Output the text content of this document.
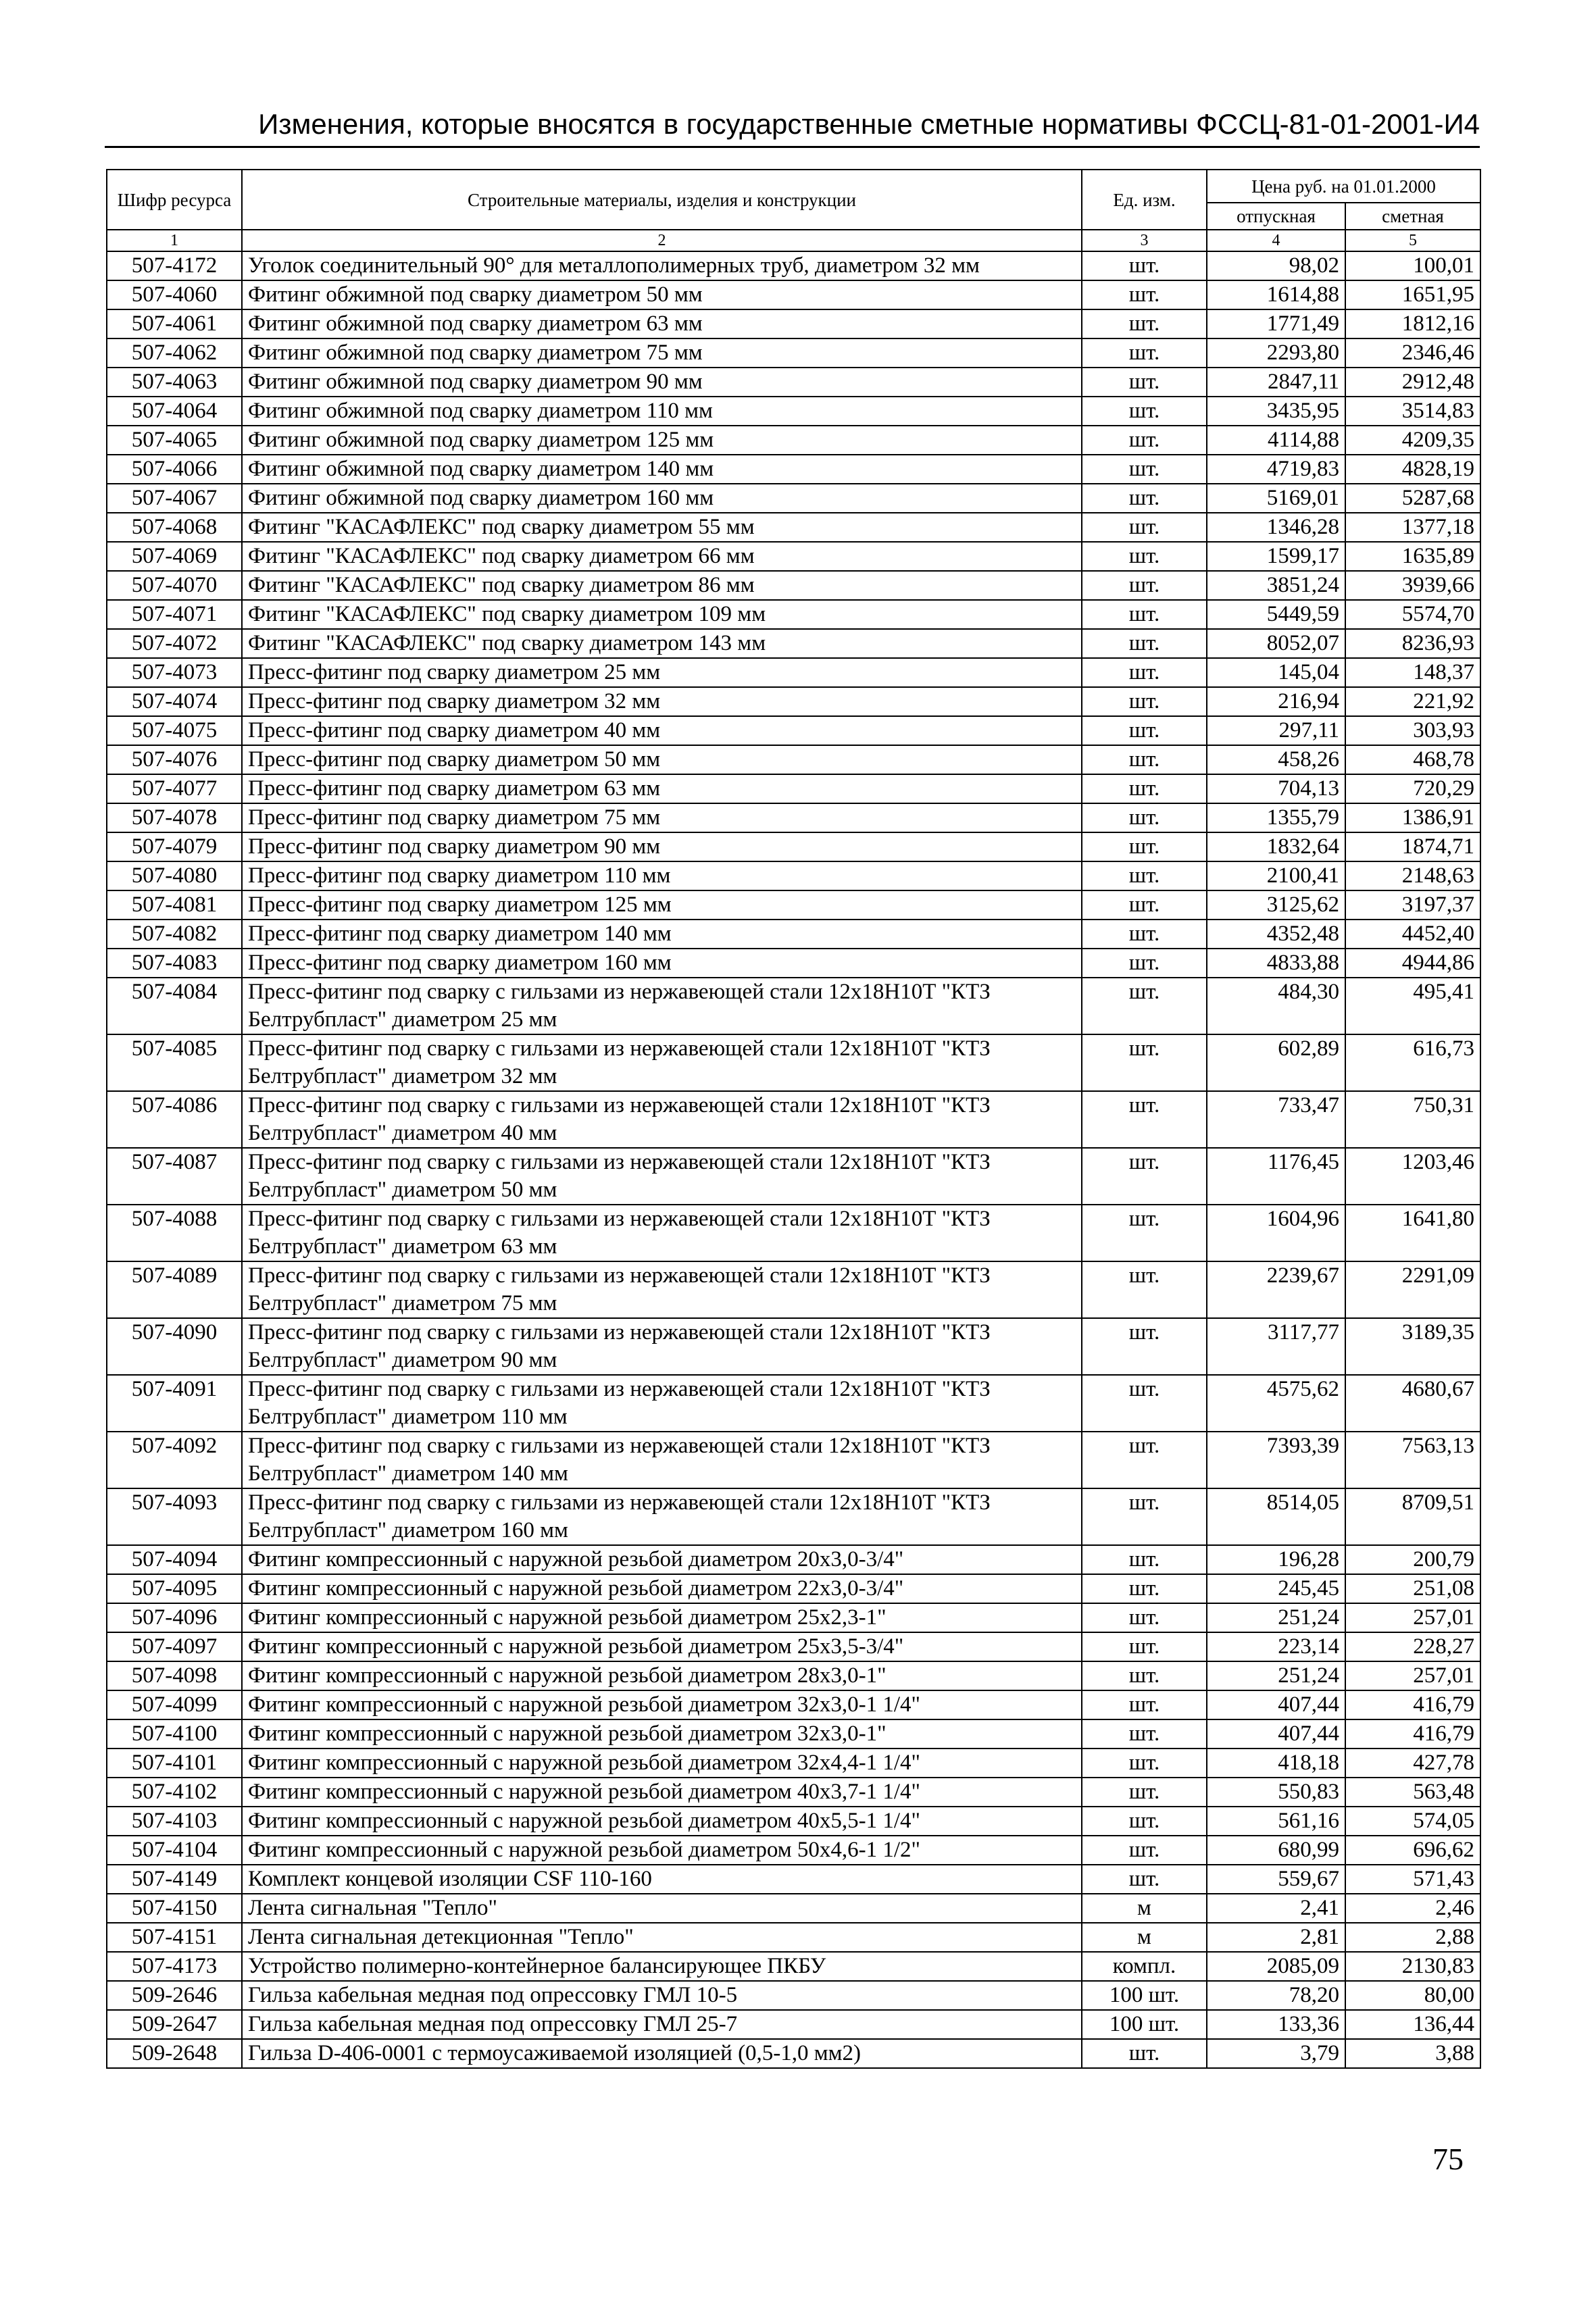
Изменения, которые вносятся в государственные сметные нормативы ФССЦ-81-01-2001-И4
Шифр ресурса	Строительные материалы, изделия и конструкции	Ед. изм.	Цена руб. на 01.01.2000	
			отпускная	сметная
1	2	3	4	5
507-4172	Уголок соединительный 90° для металлополимерных труб, диаметром 32 мм	шт.	98,02	100,01
507-4060	Фитинг обжимной под сварку диаметром 50 мм	шт.	1614,88	1651,95
507-4061	Фитинг обжимной под сварку диаметром 63 мм	шт.	1771,49	1812,16
507-4062	Фитинг обжимной под сварку диаметром 75 мм	шт.	2293,80	2346,46
507-4063	Фитинг обжимной под сварку диаметром 90 мм	шт.	2847,11	2912,48
507-4064	Фитинг обжимной под сварку диаметром 110 мм	шт.	3435,95	3514,83
507-4065	Фитинг обжимной под сварку диаметром 125 мм	шт.	4114,88	4209,35
507-4066	Фитинг обжимной под сварку диаметром 140 мм	шт.	4719,83	4828,19
507-4067	Фитинг обжимной под сварку диаметром 160 мм	шт.	5169,01	5287,68
507-4068	Фитинг "КАСАФЛЕКС" под сварку диаметром 55 мм	шт.	1346,28	1377,18
507-4069	Фитинг "КАСАФЛЕКС" под сварку диаметром 66 мм	шт.	1599,17	1635,89
507-4070	Фитинг "КАСАФЛЕКС" под сварку диаметром 86 мм	шт.	3851,24	3939,66
507-4071	Фитинг "КАСАФЛЕКС" под сварку диаметром 109 мм	шт.	5449,59	5574,70
507-4072	Фитинг "КАСАФЛЕКС" под сварку диаметром 143 мм	шт.	8052,07	8236,93
507-4073	Пресс-фитинг под сварку диаметром 25 мм	шт.	145,04	148,37
507-4074	Пресс-фитинг под сварку диаметром 32 мм	шт.	216,94	221,92
507-4075	Пресс-фитинг под сварку диаметром 40 мм	шт.	297,11	303,93
507-4076	Пресс-фитинг под сварку диаметром 50 мм	шт.	458,26	468,78
507-4077	Пресс-фитинг под сварку диаметром 63 мм	шт.	704,13	720,29
507-4078	Пресс-фитинг под сварку диаметром 75 мм	шт.	1355,79	1386,91
507-4079	Пресс-фитинг под сварку диаметром 90 мм	шт.	1832,64	1874,71
507-4080	Пресс-фитинг под сварку диаметром 110 мм	шт.	2100,41	2148,63
507-4081	Пресс-фитинг под сварку диаметром 125 мм	шт.	3125,62	3197,37
507-4082	Пресс-фитинг под сварку диаметром 140 мм	шт.	4352,48	4452,40
507-4083	Пресс-фитинг под сварку диаметром 160 мм	шт.	4833,88	4944,86
507-4084	Пресс-фитинг под сварку с гильзами из нержавеющей стали 12х18Н10Т "КТЗ Белтрубпласт" диаметром 25 мм	шт.	484,30	495,41
507-4085	Пресс-фитинг под сварку с гильзами из нержавеющей стали 12х18Н10Т "КТЗ Белтрубпласт" диаметром 32 мм	шт.	602,89	616,73
507-4086	Пресс-фитинг под сварку с гильзами из нержавеющей стали 12х18Н10Т "КТЗ Белтрубпласт" диаметром 40 мм	шт.	733,47	750,31
507-4087	Пресс-фитинг под сварку с гильзами из нержавеющей стали 12х18Н10Т "КТЗ Белтрубпласт" диаметром 50 мм	шт.	1176,45	1203,46
507-4088	Пресс-фитинг под сварку с гильзами из нержавеющей стали 12х18Н10Т "КТЗ Белтрубпласт" диаметром 63 мм	шт.	1604,96	1641,80
507-4089	Пресс-фитинг под сварку с гильзами из нержавеющей стали 12х18Н10Т "КТЗ Белтрубпласт" диаметром 75 мм	шт.	2239,67	2291,09
507-4090	Пресс-фитинг под сварку с гильзами из нержавеющей стали 12х18Н10Т "КТЗ Белтрубпласт" диаметром 90 мм	шт.	3117,77	3189,35
507-4091	Пресс-фитинг под сварку с гильзами из нержавеющей стали 12х18Н10Т "КТЗ Белтрубпласт" диаметром 110 мм	шт.	4575,62	4680,67
507-4092	Пресс-фитинг под сварку с гильзами из нержавеющей стали 12х18Н10Т "КТЗ Белтрубпласт" диаметром 140 мм	шт.	7393,39	7563,13
507-4093	Пресс-фитинг под сварку с гильзами из нержавеющей стали 12х18Н10Т "КТЗ Белтрубпласт" диаметром 160 мм	шт.	8514,05	8709,51
507-4094	Фитинг компрессионный с наружной резьбой диаметром 20х3,0-3/4"	шт.	196,28	200,79
507-4095	Фитинг компрессионный с наружной резьбой диаметром 22х3,0-3/4"	шт.	245,45	251,08
507-4096	Фитинг компрессионный с наружной резьбой диаметром 25х2,3-1"	шт.	251,24	257,01
507-4097	Фитинг компрессионный с наружной резьбой диаметром 25х3,5-3/4"	шт.	223,14	228,27
507-4098	Фитинг компрессионный с наружной резьбой диаметром 28х3,0-1"	шт.	251,24	257,01
507-4099	Фитинг компрессионный с наружной резьбой диаметром 32х3,0-1 1/4"	шт.	407,44	416,79
507-4100	Фитинг компрессионный с наружной резьбой диаметром 32х3,0-1"	шт.	407,44	416,79
507-4101	Фитинг компрессионный с наружной резьбой диаметром 32х4,4-1 1/4"	шт.	418,18	427,78
507-4102	Фитинг компрессионный с наружной резьбой диаметром 40х3,7-1 1/4"	шт.	550,83	563,48
507-4103	Фитинг компрессионный с наружной резьбой диаметром 40х5,5-1 1/4"	шт.	561,16	574,05
507-4104	Фитинг компрессионный с наружной резьбой диаметром 50х4,6-1 1/2"	шт.	680,99	696,62
507-4149	Комплект концевой изоляции CSF 110-160	шт.	559,67	571,43
507-4150	Лента сигнальная "Тепло"	м	2,41	2,46
507-4151	Лента сигнальная детекционная "Тепло"	м	2,81	2,88
507-4173	Устройство полимерно-контейнерное балансирующее ПКБУ	компл.	2085,09	2130,83
509-2646	Гильза кабельная медная под опрессовку ГМЛ 10-5	100 шт.	78,20	80,00
509-2647	Гильза кабельная медная под опрессовку ГМЛ 25-7	100 шт.	133,36	136,44
509-2648	Гильза D-406-0001 с термоусаживаемой изоляцией (0,5-1,0 мм2)	шт.	3,79	3,88
75
